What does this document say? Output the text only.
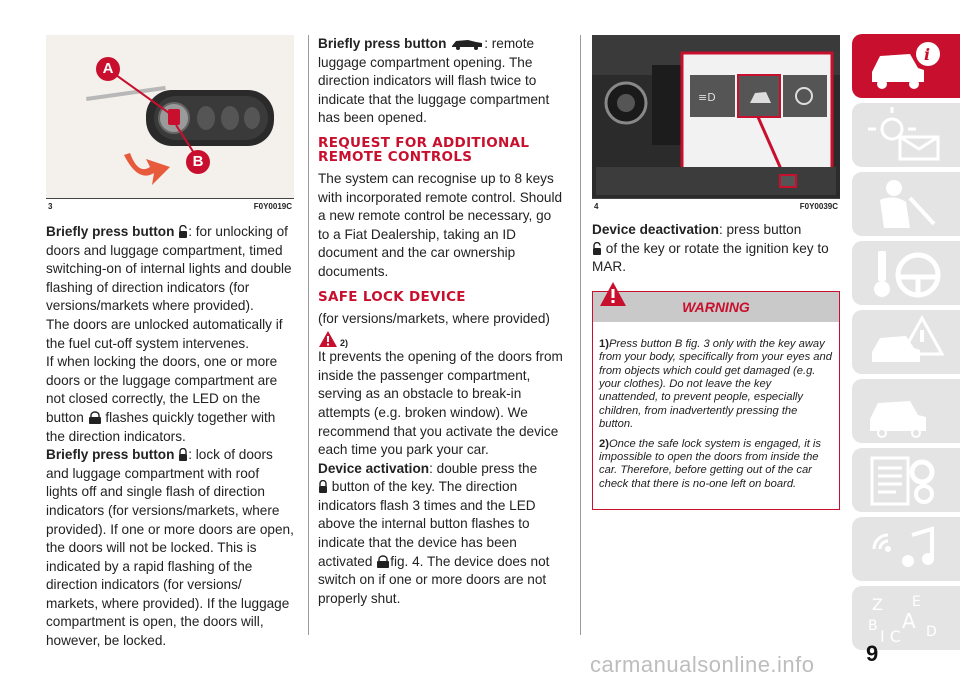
A
B
3	F0Y0019C

Briefly press button : for unlocking of doors and luggage compartment, timed switching-on of internal lights and double flashing of direction indicators (for versions/markets where provided).

The doors are unlocked automatically if the fuel cut-off system intervenes.

If when locking the doors, one or more doors or the luggage compartment are not closed correctly, the LED on the button flashes quickly together with the direction indicators.

Briefly press button : lock of doors and luggage compartment with roof lights off and single flash of direction indicators (for versions/markets, where provided). If one or more doors are open, the doors will not be locked. This is indicated by a rapid flashing of the direction indicators (for versions/ markets, where provided). If the luggage compartment is open, the doors will, however, be locked.

Briefly press button	: remote luggage compartment opening. The direction indicators will flash twice to indicate that the luggage compartment has been opened.

REQUEST FOR ADDITIONAL REMOTE CONTROLS

The system can recognise up to 8 keys with incorporated remote control. Should a new remote control be necessary, go to a Fiat Dealership, taking an ID document and the car ownership documents.

SAFE LOCK DEVICE

(for versions/markets, where provided)

$_{2)}$

It prevents the opening of the doors from inside the passenger compartment, serving as an obstacle to break-in attempts (e.g. broken window). We recommend that you activate the device each time you park your car.

Device activation: double press the
button of the key. The direction indicators flash 3 times and the LED above the internal button flashes to indicate that the device has been activated fig. 4. The device does not switch on if one or more doors are not properly shut.

≡D
4	F0Y0039C

Device deactivation: press button
of the key or rotate the ignition key to MAR.

WARNING

1)Press button B fig. 3 only with the key away from your body, specifically from your eyes and from objects which could get damaged (e.g. your clothes). Do not leave the key unattended, to prevent people, especially children, from inadvertently pressing the button.

2)Once the safe lock system is engaged, it is impossible to open the doors from inside the car. Therefore, before getting out of the car check that there is no-one left on board.

i
Z E
B A
I C D
9
carmanualsonline.info
